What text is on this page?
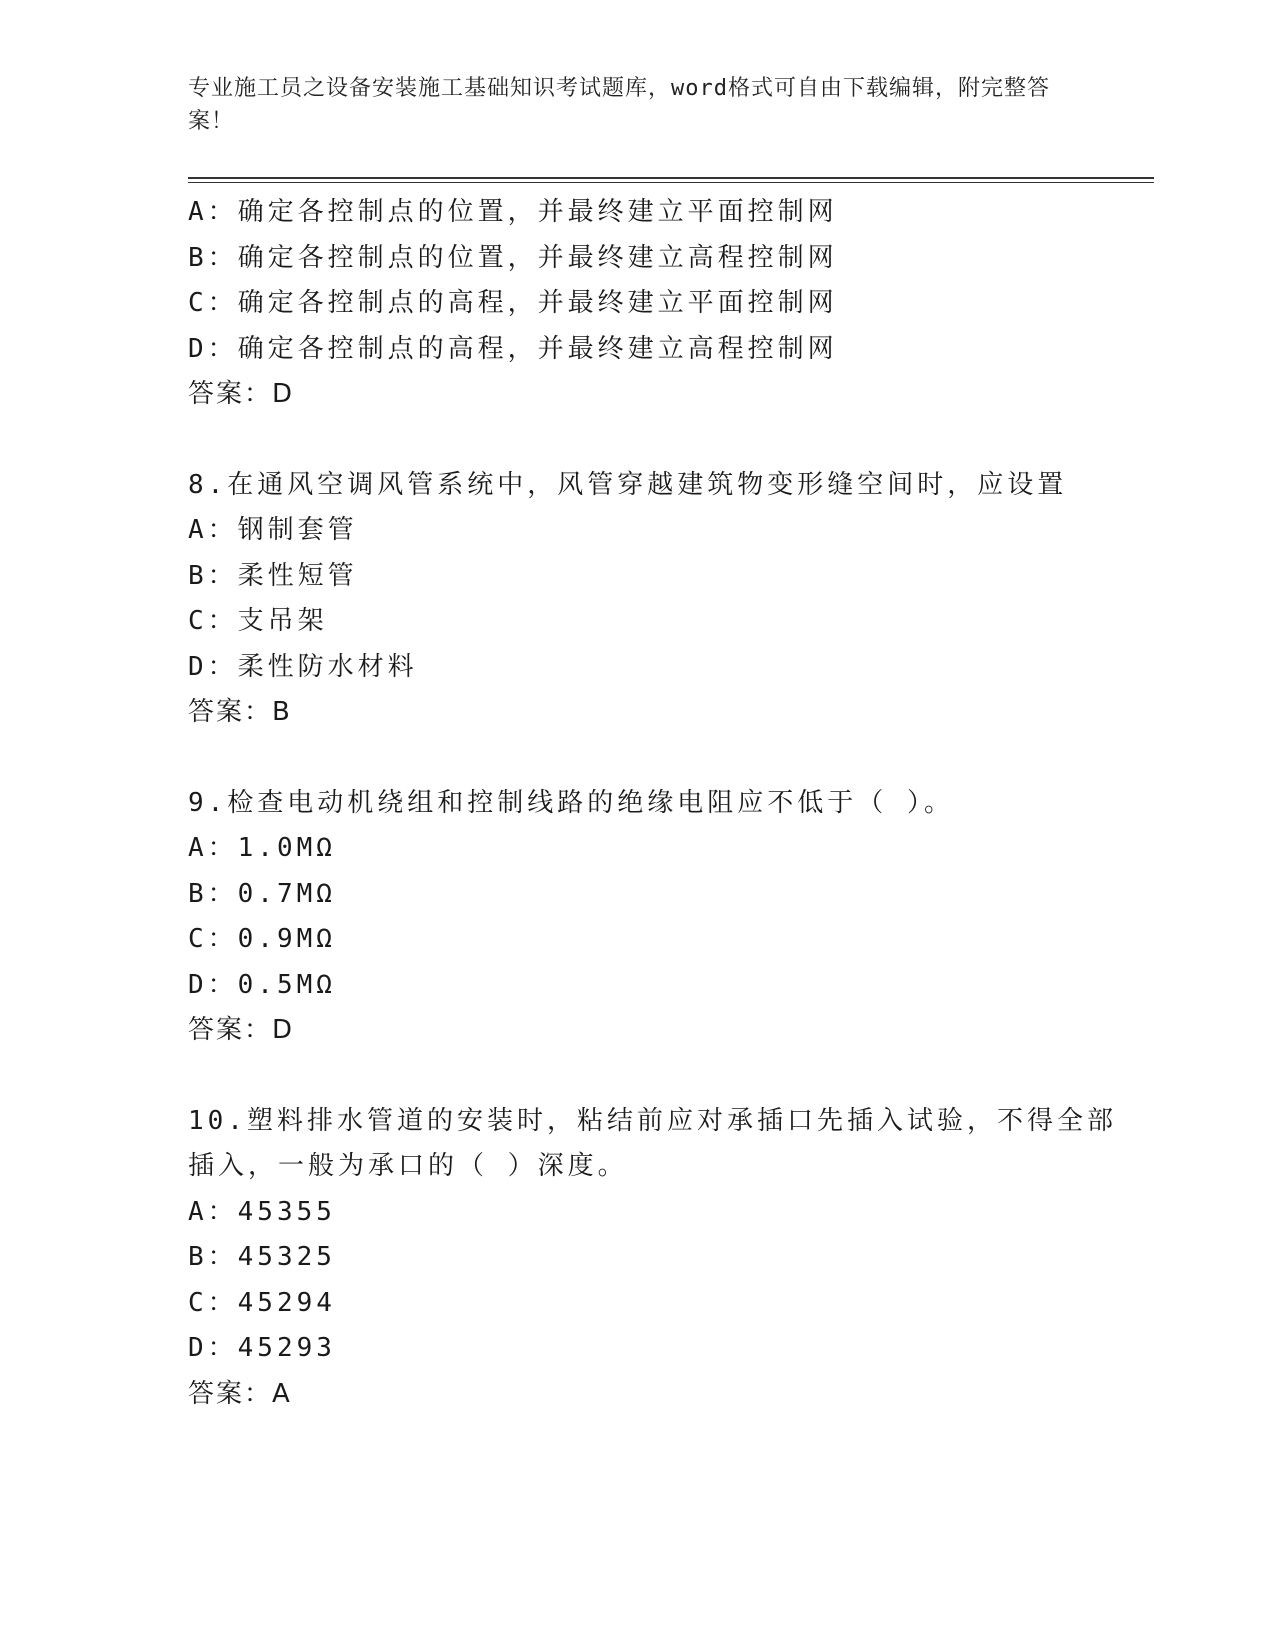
专业施工员之设备安装施工基础知识考试题库，word格式可自由下载编辑，附完整答案！
A：确定各控制点的位置，并最终建立平面控制网
B：确定各控制点的位置，并最终建立高程控制网
C：确定各控制点的高程，并最终建立平面控制网
D：确定各控制点的高程，并最终建立高程控制网
答案：D
8.在通风空调风管系统中，风管穿越建筑物变形缝空间时，应设置
A：钢制套管
B：柔性短管
C：支吊架
D：柔性防水材料
答案：B
9.检查电动机绕组和控制线路的绝缘电阻应不低于（ ）。
A：1.0MΩ
B：0.7MΩ
C：0.9MΩ
D：0.5MΩ
答案：D
10.塑料排水管道的安装时，粘结前应对承插口先插入试验，不得全部
插入，一般为承口的（ ）深度。
A：45355
B：45325
C：45294
D：45293
答案：A
